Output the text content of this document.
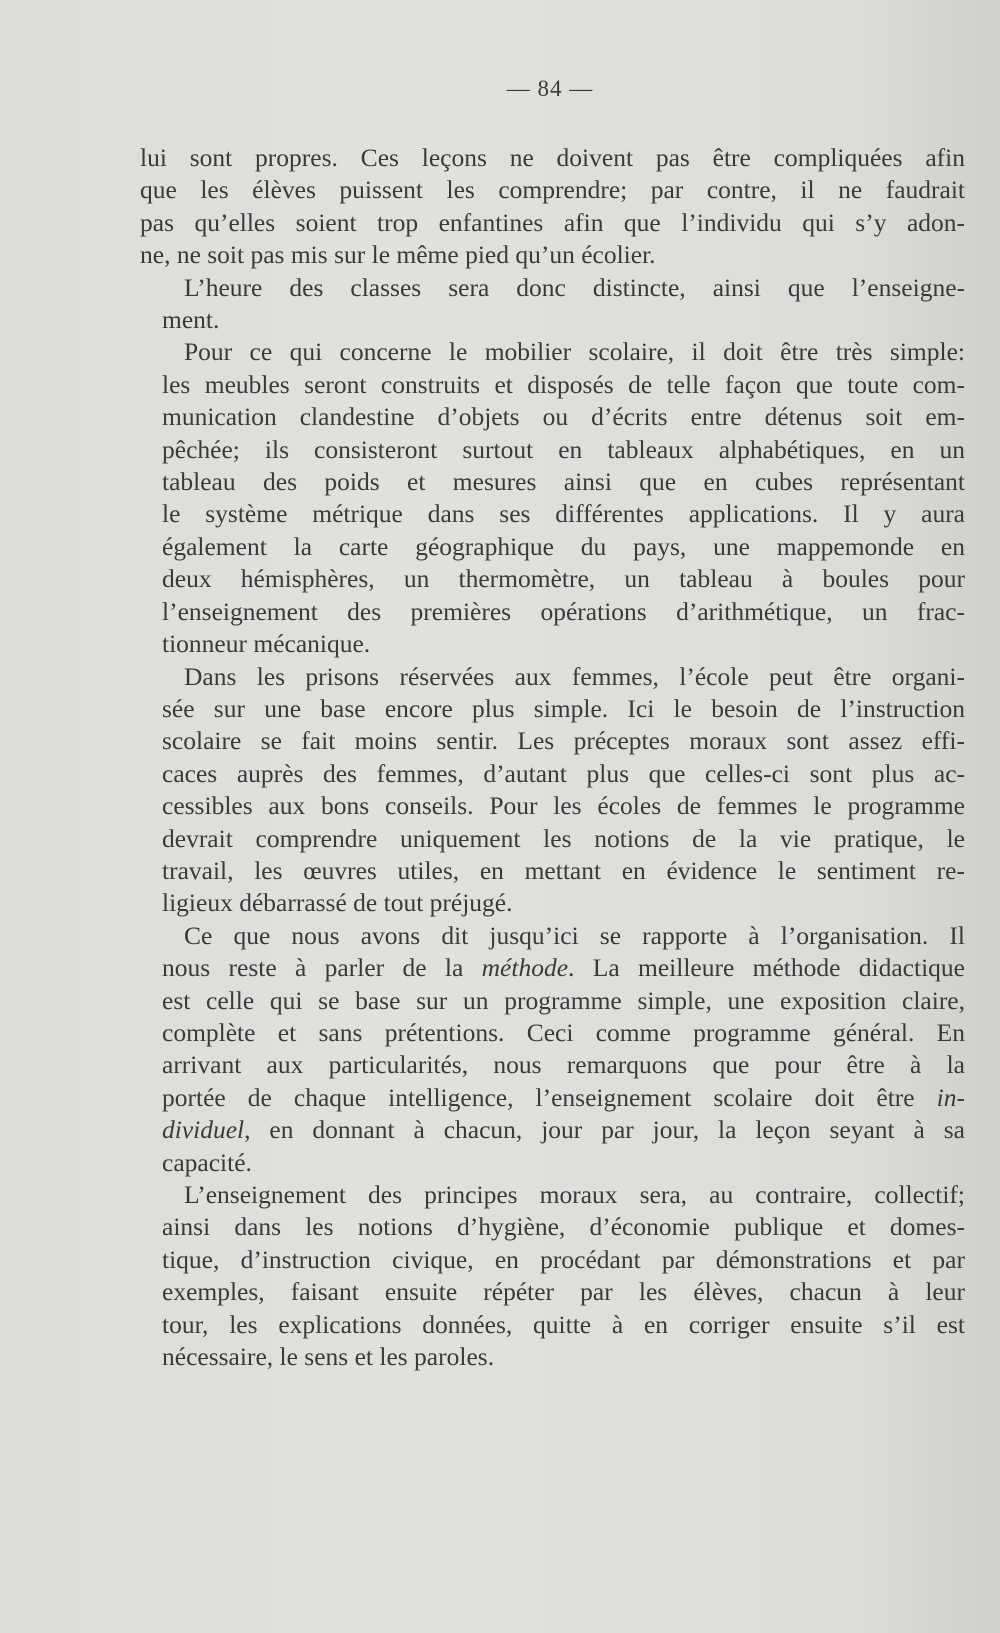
— 84 —
lui sont propres. Ces leçons ne doivent pas être compliquées afin
que les élèves puissent les comprendre; par contre, il ne faudrait
pas qu’elles soient trop enfantines afin que l’individu qui s’y adon-
ne, ne soit pas mis sur le même pied qu’un écolier.
L’heure des classes sera donc distincte, ainsi que l’enseigne-
ment.
Pour ce qui concerne le mobilier scolaire, il doit être très simple:
les meubles seront construits et disposés de telle façon que toute com-
munication clandestine d’objets ou d’écrits entre détenus soit em-
pêchée; ils consisteront surtout en tableaux alphabétiques, en un
tableau des poids et mesures ainsi que en cubes représentant
le système métrique dans ses différentes applications. Il y aura
également la carte géographique du pays, une mappemonde en
deux hémisphères, un thermomètre, un tableau à boules pour
l’enseignement des premières opérations d’arithmétique, un frac-
tionneur mécanique.
Dans les prisons réservées aux femmes, l’école peut être organi-
sée sur une base encore plus simple. Ici le besoin de l’instruction
scolaire se fait moins sentir. Les préceptes moraux sont assez effi-
caces auprès des femmes, d’autant plus que celles-ci sont plus ac-
cessibles aux bons conseils. Pour les écoles de femmes le programme
devrait comprendre uniquement les notions de la vie pratique, le
travail, les œuvres utiles, en mettant en évidence le sentiment re-
ligieux débarrassé de tout préjugé.
Ce que nous avons dit jusqu’ici se rapporte à l’organisation. Il
nous reste à parler de la méthode. La meilleure méthode didactique
est celle qui se base sur un programme simple, une exposition claire,
complète et sans prétentions. Ceci comme programme général. En
arrivant aux particularités, nous remarquons que pour être à la
portée de chaque intelligence, l’enseignement scolaire doit être in-
dividuel, en donnant à chacun, jour par jour, la leçon seyant à sa
capacité.
L’enseignement des principes moraux sera, au contraire, collectif;
ainsi dans les notions d’hygiène, d’économie publique et domes-
tique, d’instruction civique, en procédant par démonstrations et par
exemples, faisant ensuite répéter par les élèves, chacun à leur
tour, les explications données, quitte à en corriger ensuite s’il est
nécessaire, le sens et les paroles.
